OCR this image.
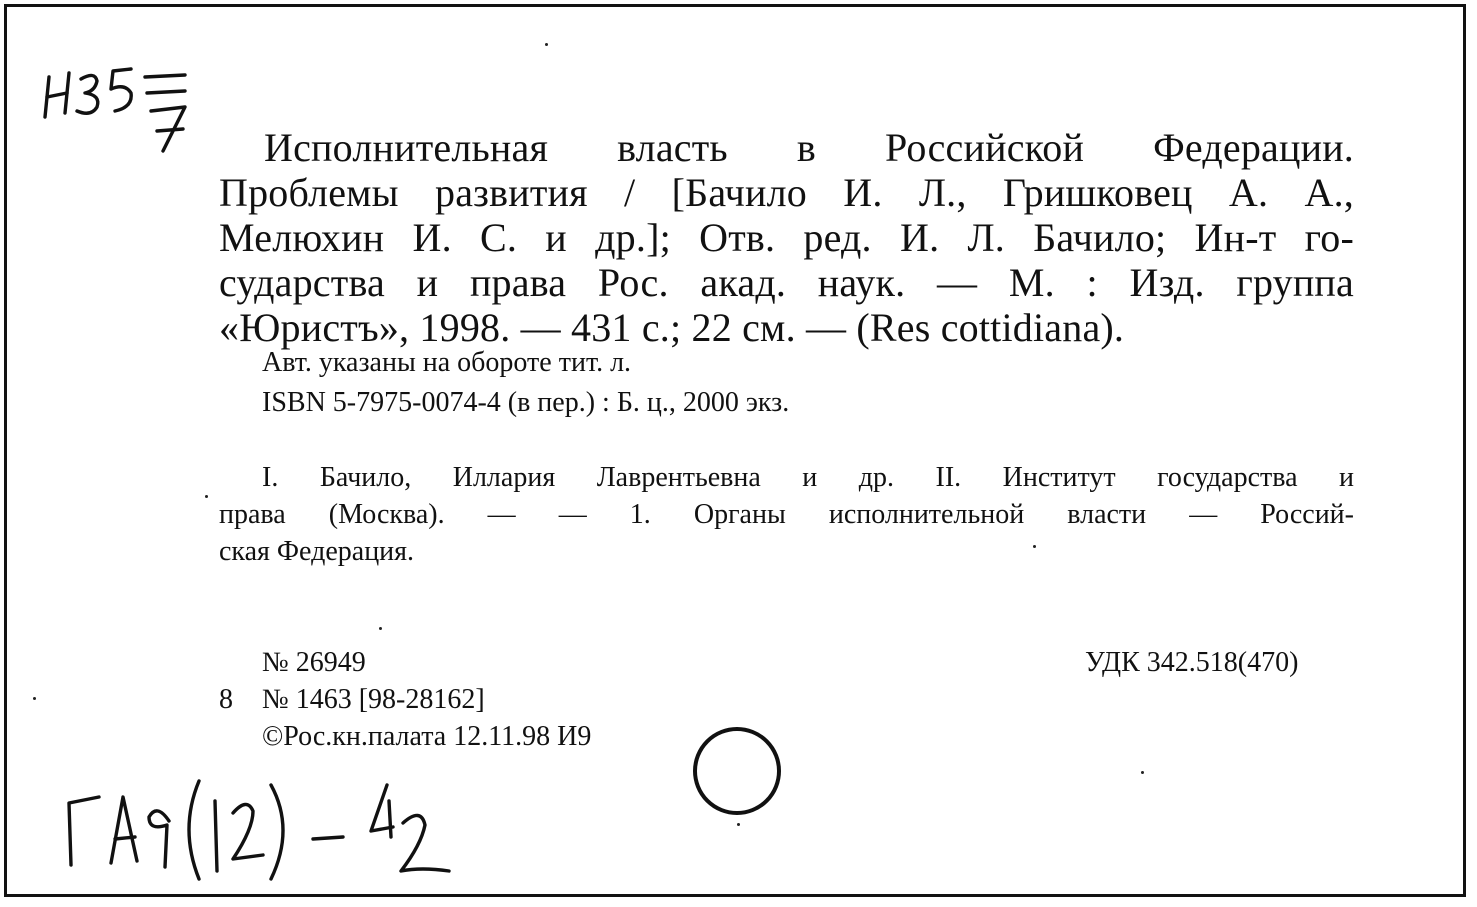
Исполнительная власть в Российской Федерации.
Проблемы развития / [Бачило И. Л., Гришковец А. А.,
Мелюхин И. С. и др.]; Отв. ред. И. Л. Бачило; Ин-т го-
сударства и права Рос. акад. наук. — М. : Изд. группа
«Юристъ», 1998. — 431 с.; 22 см. — (Res cottidiana).
Авт. указаны на обороте тит. л.
ISBN 5-7975-0074-4 (в пер.) : Б. ц., 2000 экз.
I. Бачило, Иллария Лаврентьевна и др. II. Институт государства и
права (Москва). — — 1. Органы исполнительной власти — Россий-
ская Федерация.
№ 26949
8 № 1463 [98-28162]
©Рос.кн.палата 12.11.98 И9
УДК 342.518(470)
